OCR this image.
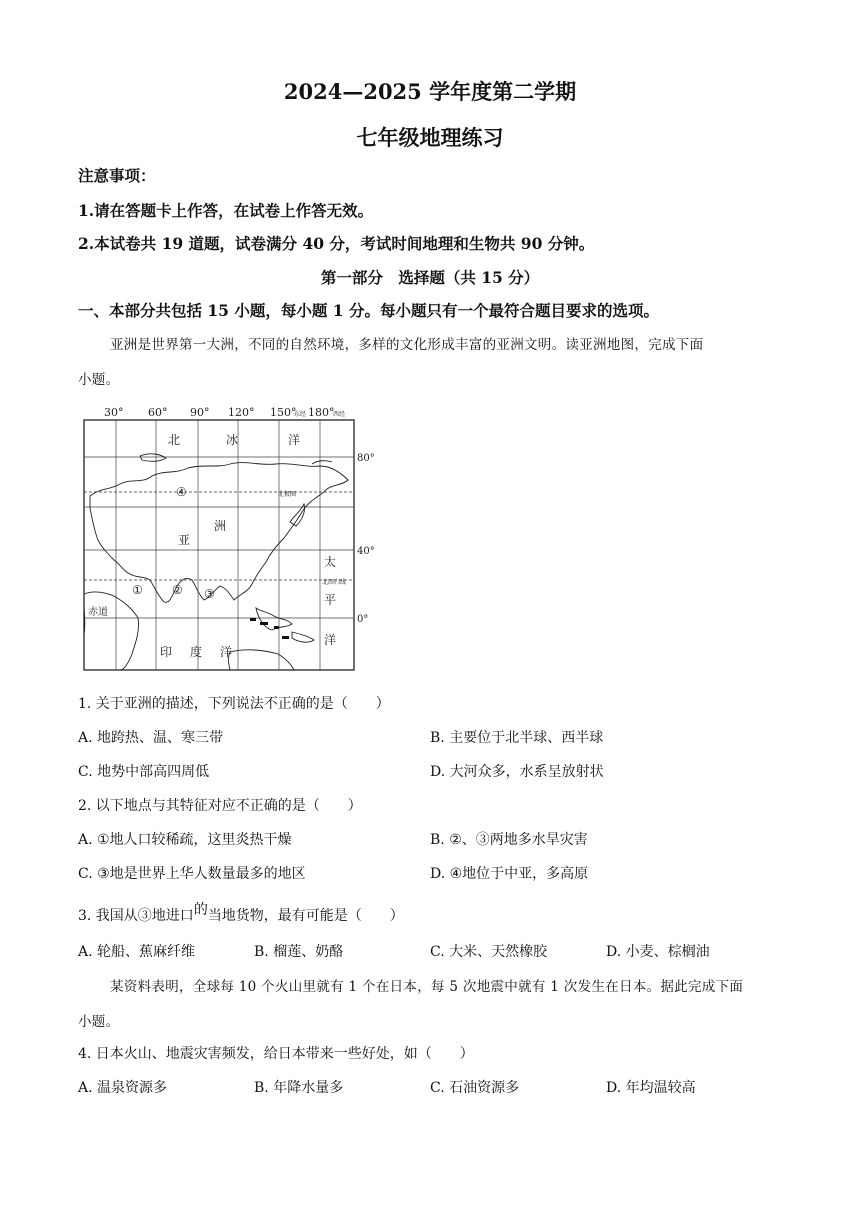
2024—2025 学年度第二学期
七年级地理练习
注意事项：
1.请在答题卡上作答，在试卷上作答无效。
2.本试卷共 19 道题，试卷满分 40 分，考试时间地理和生物共 90 分钟。
第一部分　选择题（共 15 分）
一、本部分共包括 15 小题，每小题 1 分。每小题只有一个最符合题目要求的选项。
亚洲是世界第一大洲，不同的自然环境，多样的文化形成丰富的亚洲文明。读亚洲地图，完成下面
小题。
30° 60° 90° 120° 150°
东经 180°
西经
80°
40°
0°
北	冰	洋
亚
洲
太
平
洋
印 度 洋
北极圈
北回归线
赤道
① ② ③
④
1. 关于亚洲的描述，下列说法不正确的是（　　）
A. 地跨热、温、寒三带	B. 主要位于北半球、西半球
C. 地势中部高四周低	D. 大河众多，水系呈放射状
2. 以下地点与其特征对应不正确的是（　　）
A. ①地人口较稀疏，这里炎热干燥	B. ②、③两地多水旱灾害
C. ③地是世界上华人数量最多的地区	D. ④地位于中亚，多高原
3. 我国从③地进口的当地货物，最有可能是（　　）
A. 轮船、蕉麻纤维	B. 榴莲、奶酪	C. 大米、天然橡胶	D. 小麦、棕榈油
某资料表明，全球每 10 个火山里就有 1 个在日本，每 5 次地震中就有 1 次发生在日本。据此完成下面
小题。
4. 日本火山、地震灾害频发，给日本带来一些好处，如（　　）
A. 温泉资源多	B. 年降水量多	C. 石油资源多	D. 年均温较高
